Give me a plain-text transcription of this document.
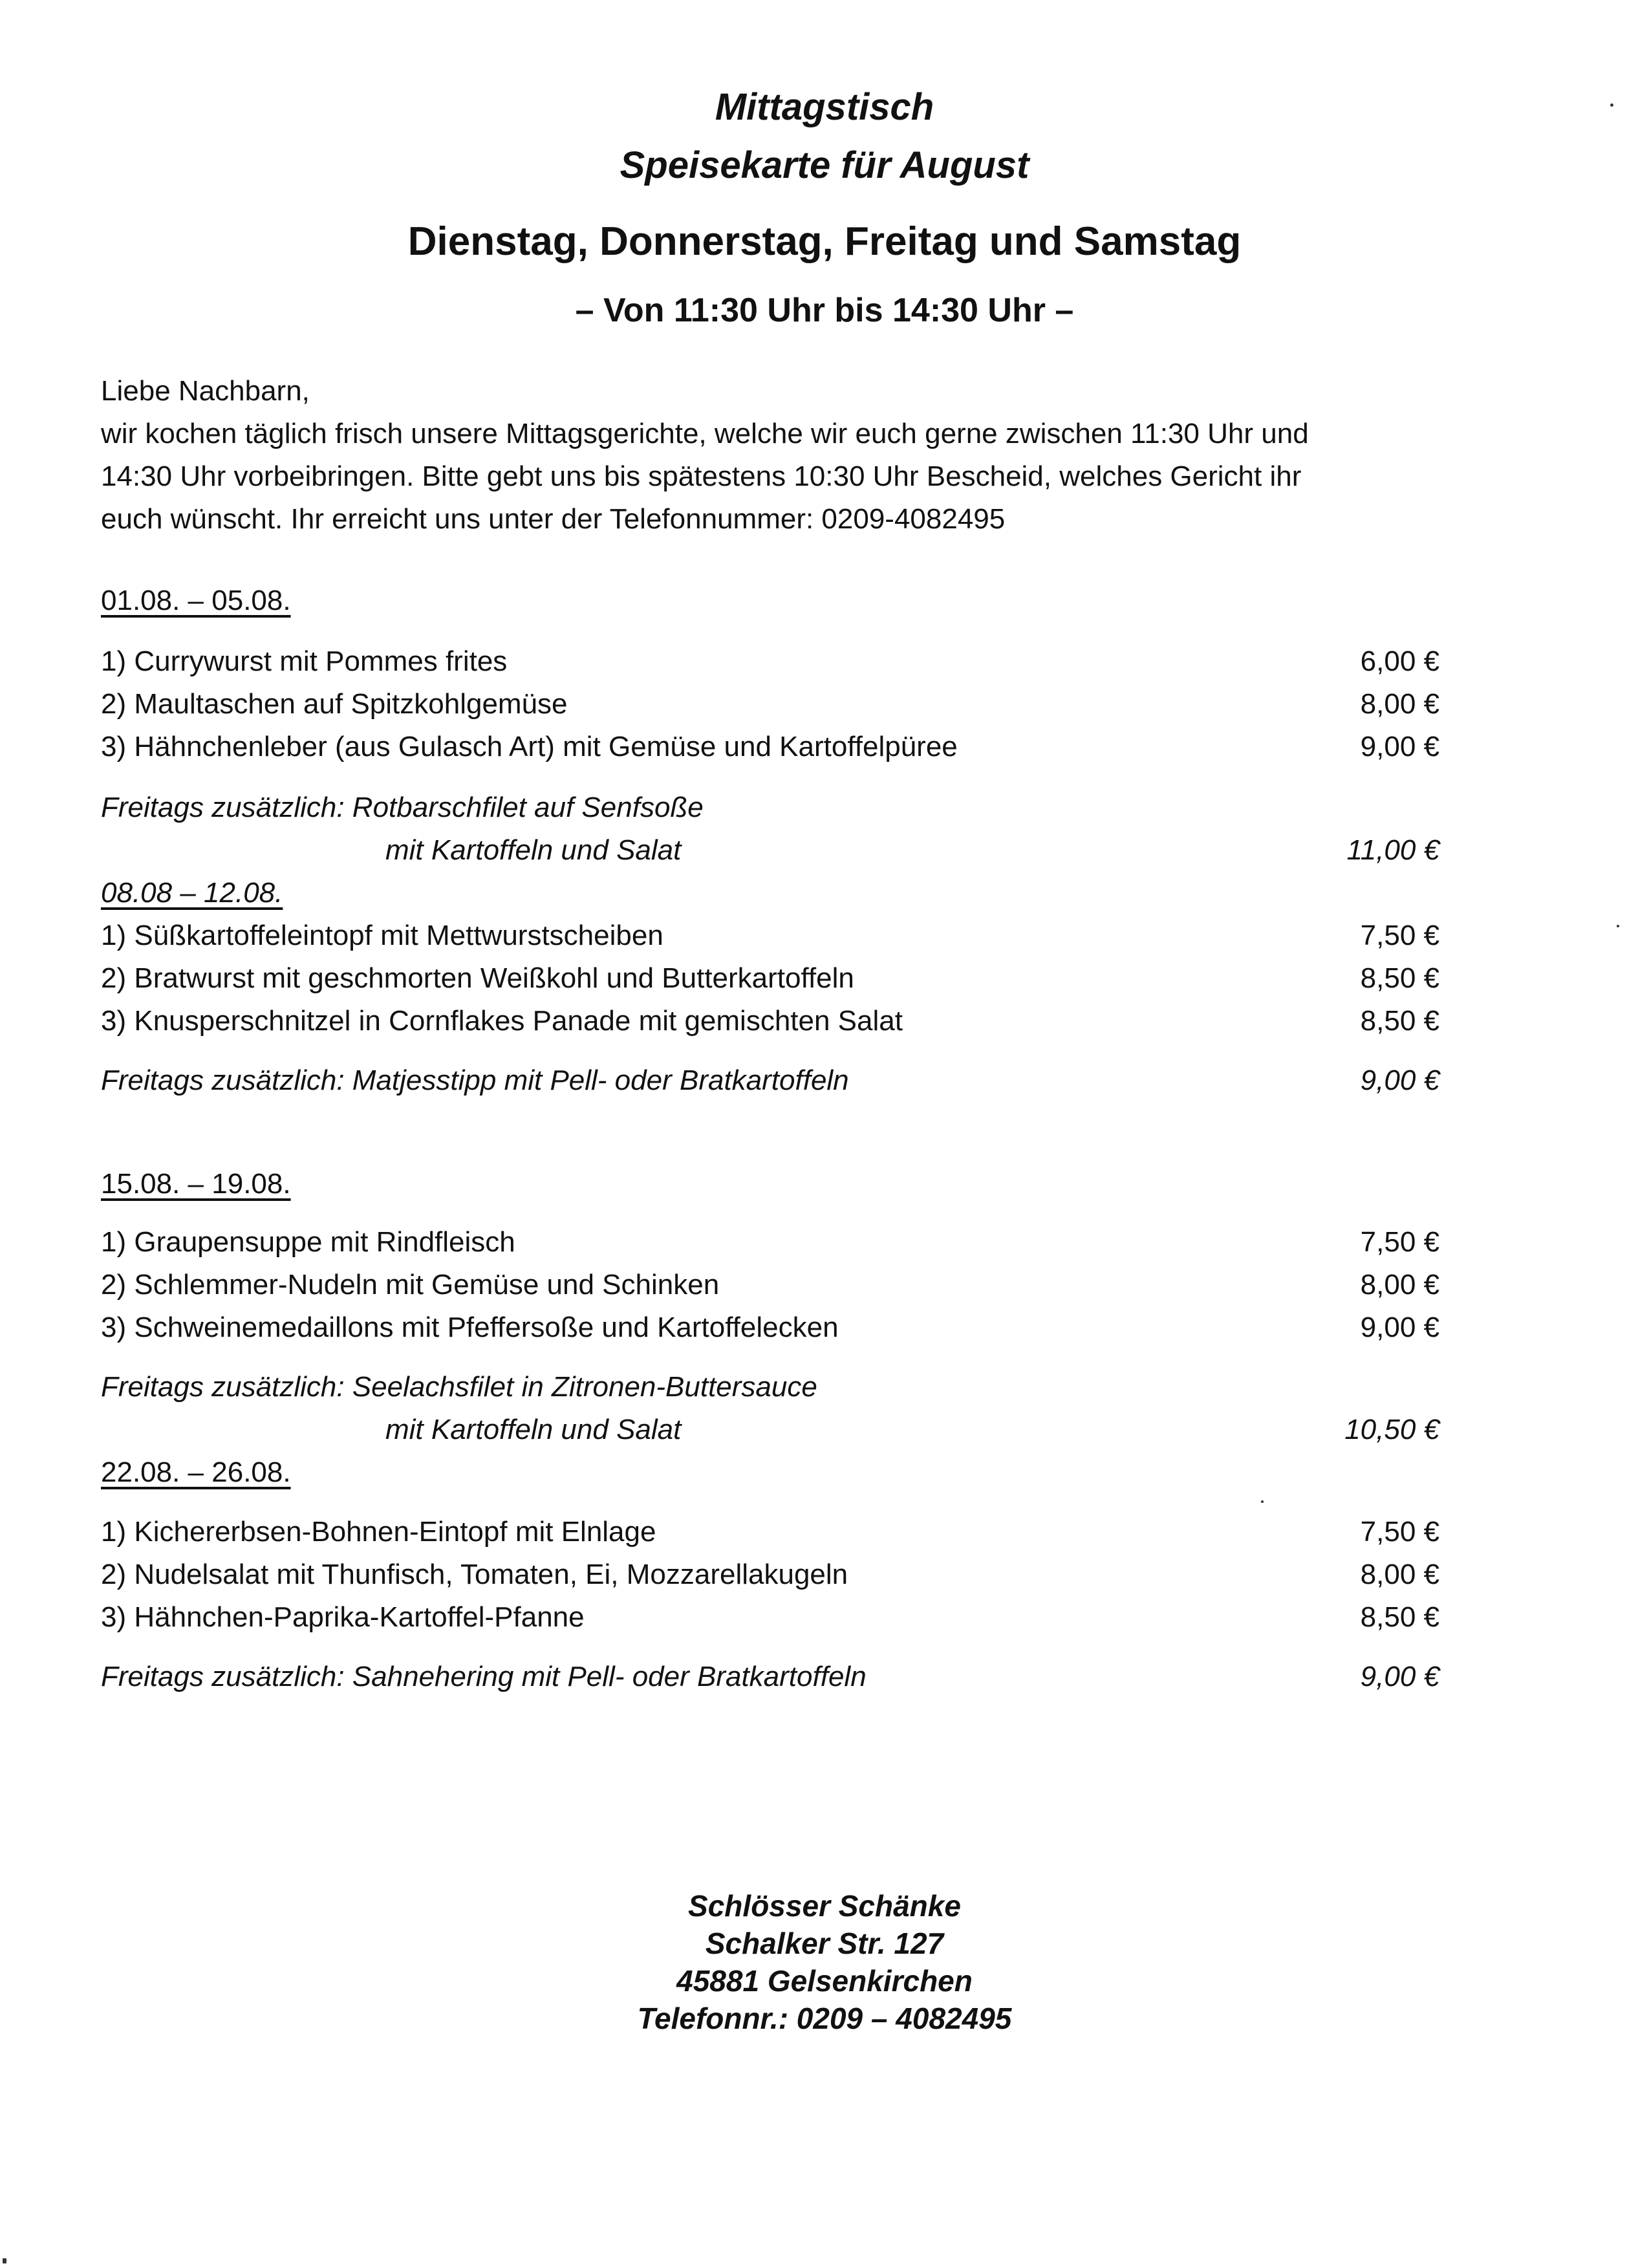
Mittagstisch
Speisekarte für August
Dienstag, Donnerstag, Freitag und Samstag
– Von 11:30 Uhr bis 14:30 Uhr –

Liebe Nachbarn,

wir kochen täglich frisch unsere Mittagsgerichte, welche wir euch gerne zwischen 11:30 Uhr und

14:30 Uhr vorbeibringen. Bitte gebt uns bis spätestens 10:30 Uhr Bescheid, welches Gericht ihr

euch wünscht. Ihr erreicht uns unter der Telefonnummer: 0209-4082495

01.08. – 05.08.
1) Currywurst mit Pommes frites	6,00 €
2) Maultaschen auf Spitzkohlgemüse	8,00 €
3) Hähnchenleber (aus Gulasch Art) mit Gemüse und Kartoffelpüree	9,00 €
Freitags zusätzlich: Rotbarschfilet auf Senfsoße
mit Kartoffeln und Salat	11,00 €
08.08 – 12.08.
1) Süßkartoffeleintopf mit Mettwurstscheiben	7,50 €
2) Bratwurst mit geschmorten Weißkohl und Butterkartoffeln	8,50 €
3) Knusperschnitzel in Cornflakes Panade mit gemischten Salat	8,50 €
Freitags zusätzlich: Matjesstipp mit Pell- oder Bratkartoffeln	9,00 €
15.08. – 19.08.
1) Graupensuppe mit Rindfleisch	7,50 €
2) Schlemmer-Nudeln mit Gemüse und Schinken	8,00 €
3) Schweinemedaillons mit Pfeffersoße und Kartoffelecken	9,00 €
Freitags zusätzlich: Seelachsfilet in Zitronen-Buttersauce
mit Kartoffeln und Salat	10,50 €
22.08. – 26.08.
1) Kichererbsen-Bohnen-Eintopf mit Elnlage	7,50 €
2) Nudelsalat mit Thunfisch, Tomaten, Ei, Mozzarellakugeln	8,00 €
3) Hähnchen-Paprika-Kartoffel-Pfanne	8,50 €
Freitags zusätzlich: Sahnehering mit Pell- oder Bratkartoffeln	9,00 €
Schlösser Schänke
Schalker Str. 127
45881 Gelsenkirchen
Telefonnr.: 0209 – 4082495
